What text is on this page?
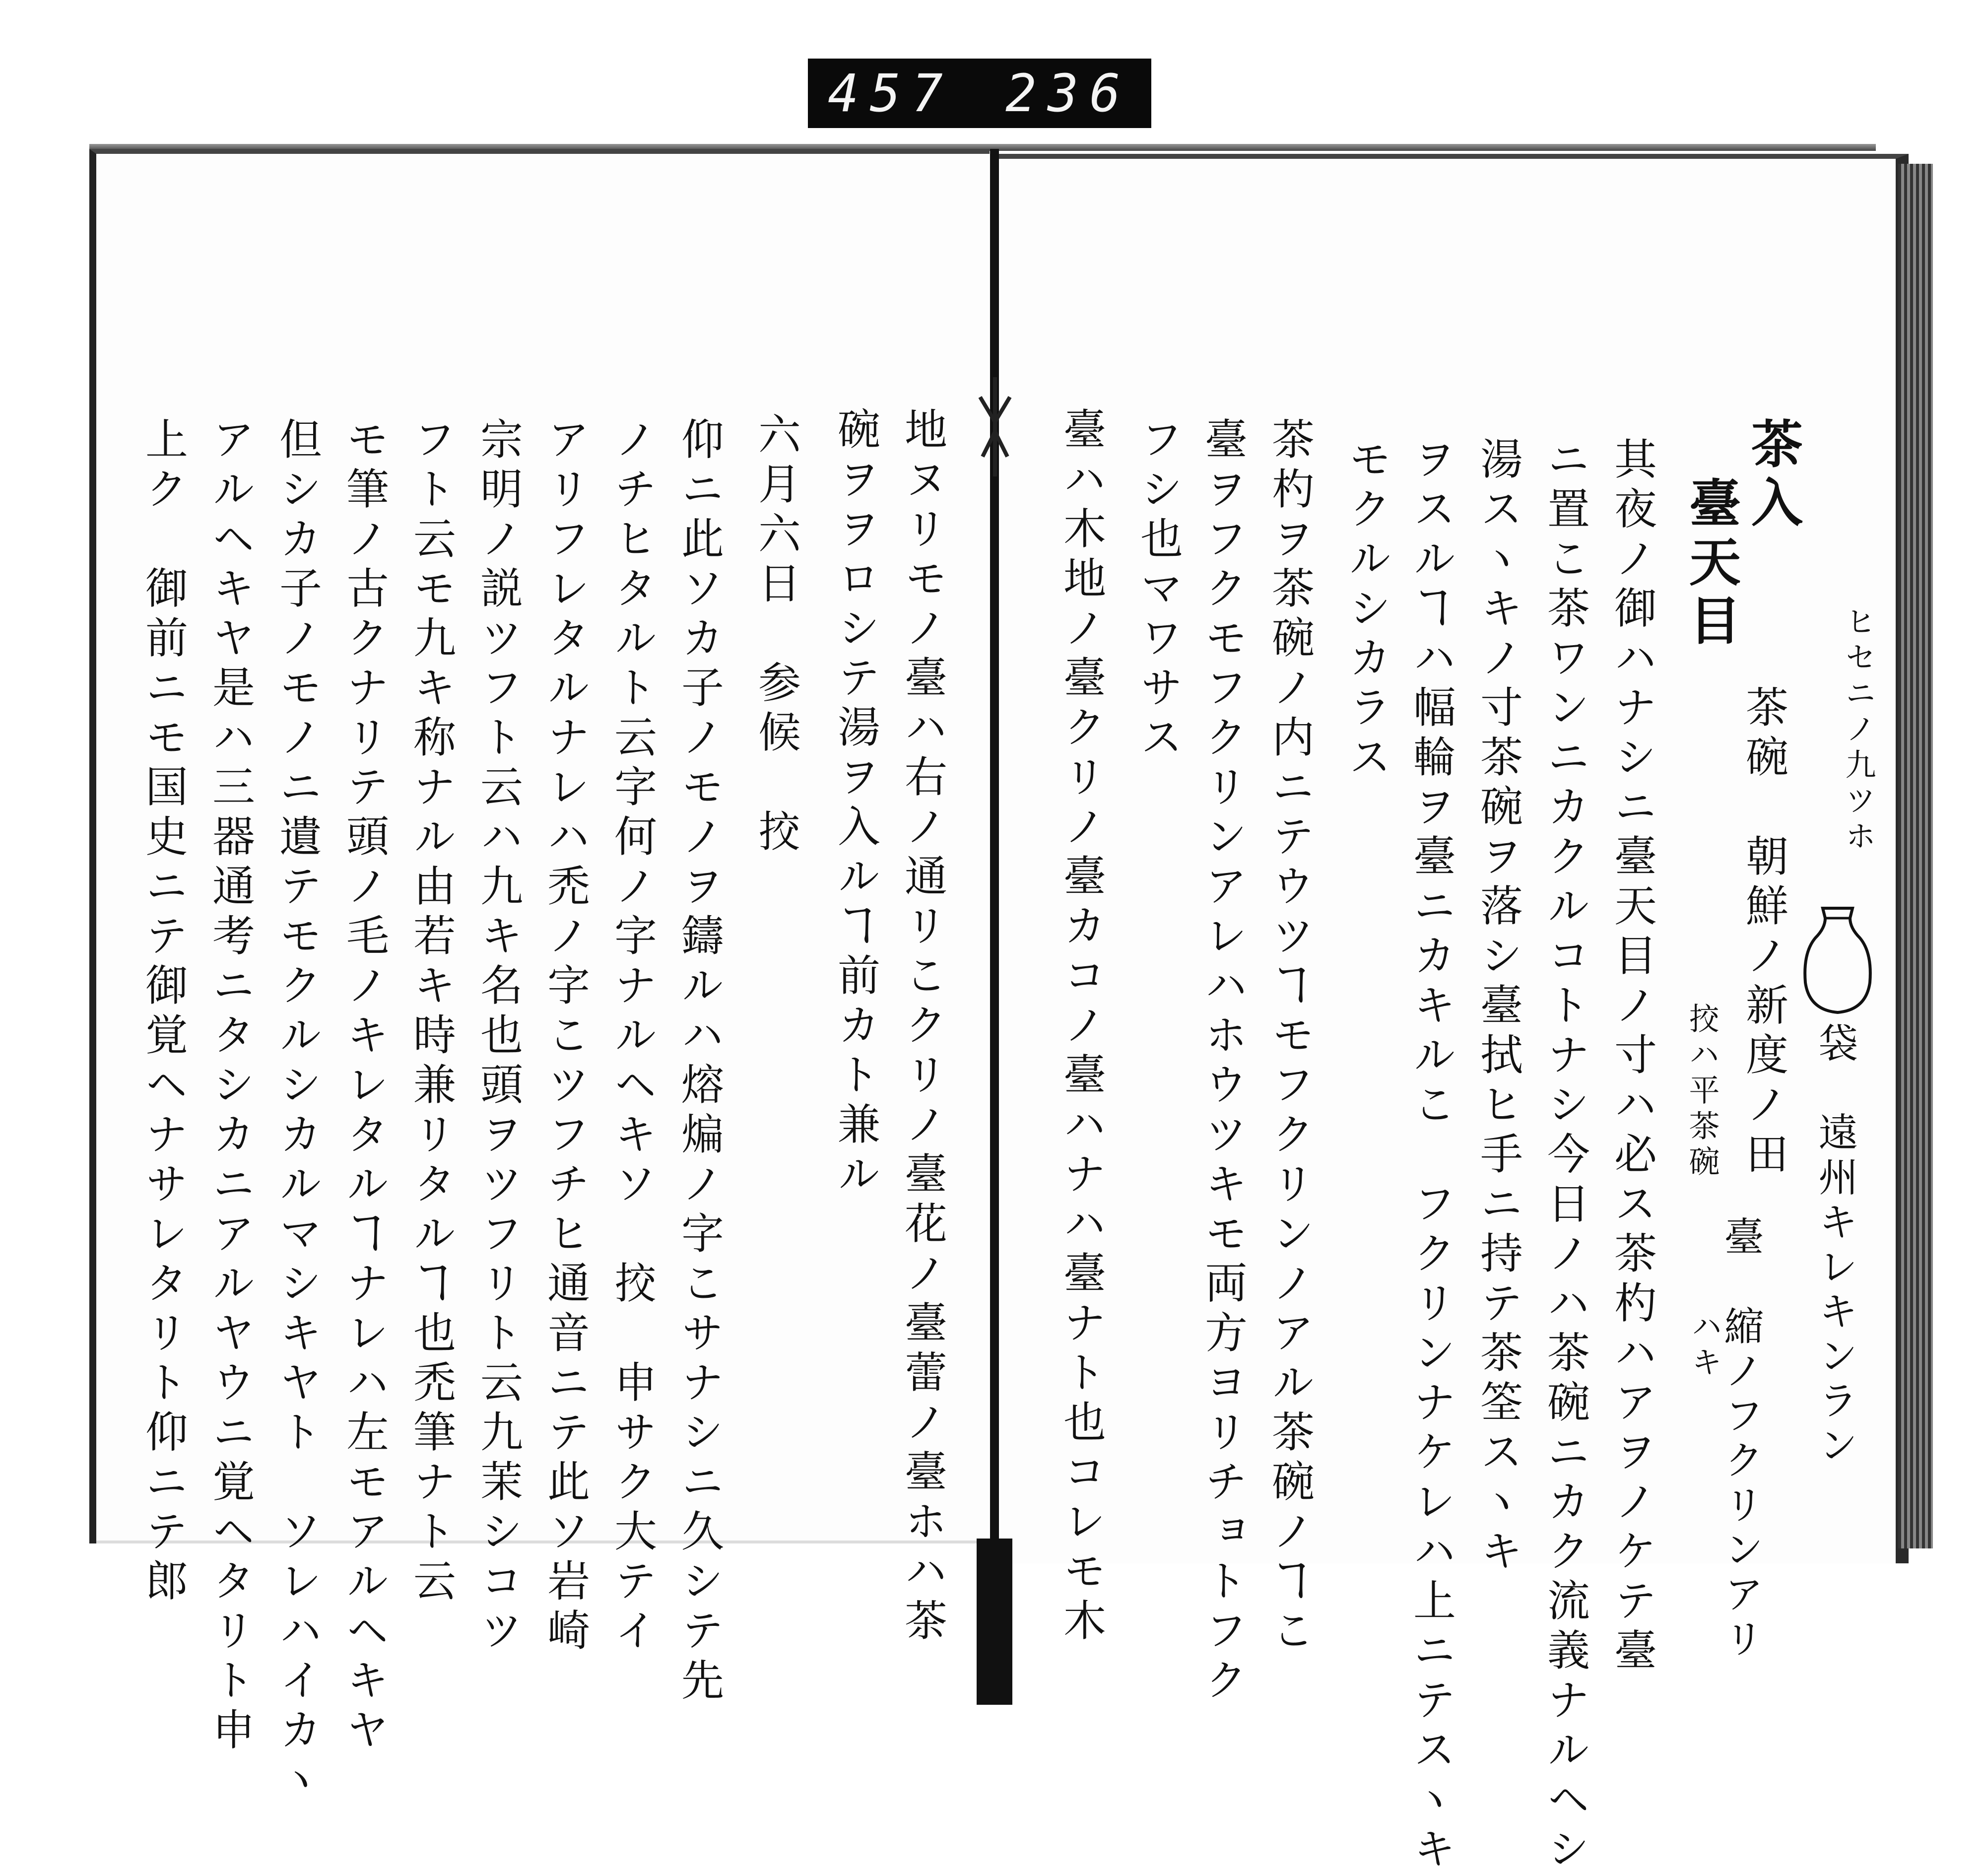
457 236
茶入
臺天目
茶碗　朝鮮ノ新度ノ田
其夜ノ御ハナシニ臺天目ノ寸ハ必ス茶杓ハアヲノケテ臺
ニ置こ茶ワンニカクルコトナシ今日ノハ茶碗ニカク流義ナルヘシ
湯スヽキノ寸茶碗ヲ落シ臺拭ヒ手ニ持テ茶筌スヽキ
ヲスルヿハ幅輪ヲ臺ニカキルこ　フクリンナケレハ上ニテスヽキ
モクルシカラス
茶杓ヲ茶碗ノ内ニテウツヿモフクリンノアル茶碗ノヿこ
臺ヲフクモフクリンアレハホウツキモ両方ヨリチョトフク
フシ也マワサス
臺ハ木地ノ臺クリノ臺カコノ臺ハナハ臺ナト也コレモ木	ヒセニノ九ツホ
袋　遠州キレキンラン
挍ハ平茶碗
臺　縮ノフクリンアリ
ハキ
地ヌリモノ臺ハ右ノ通リこクリノ臺花ノ臺蕾ノ臺ホハ茶
碗ヲヲロシテ湯ヲ入ルヿ前カト兼ル
六月六日　参候　挍
仰ニ此ソカ子ノモノヲ鑄ルハ熔煸ノ字こサナシニ久シテ先
ノチヒタルト云字何ノ字ナルヘキソ　挍　申サク大テイ
アリフレタルナレハ禿ノ字こツフチヒ通音ニテ此ソ岩崎
宗明ノ説ツフト云ハ九キ名也頭ヲツフリト云九茉シコツ
フト云モ九キ称ナル由若キ時兼リタルヿ也禿筆ナト云
モ筆ノ古クナリテ頭ノ毛ノキレタルヿナレハ左モアルヘキヤ
但シカ子ノモノニ遺テモクルシカルマシキヤト　ソレハイカヽ
アルヘキヤ是ハ三器通考ニタシカニアルヤウニ覚ヘタリト申
上ク　御前ニモ国史ニテ御覚ヘナサレタリト仰ニテ郎
